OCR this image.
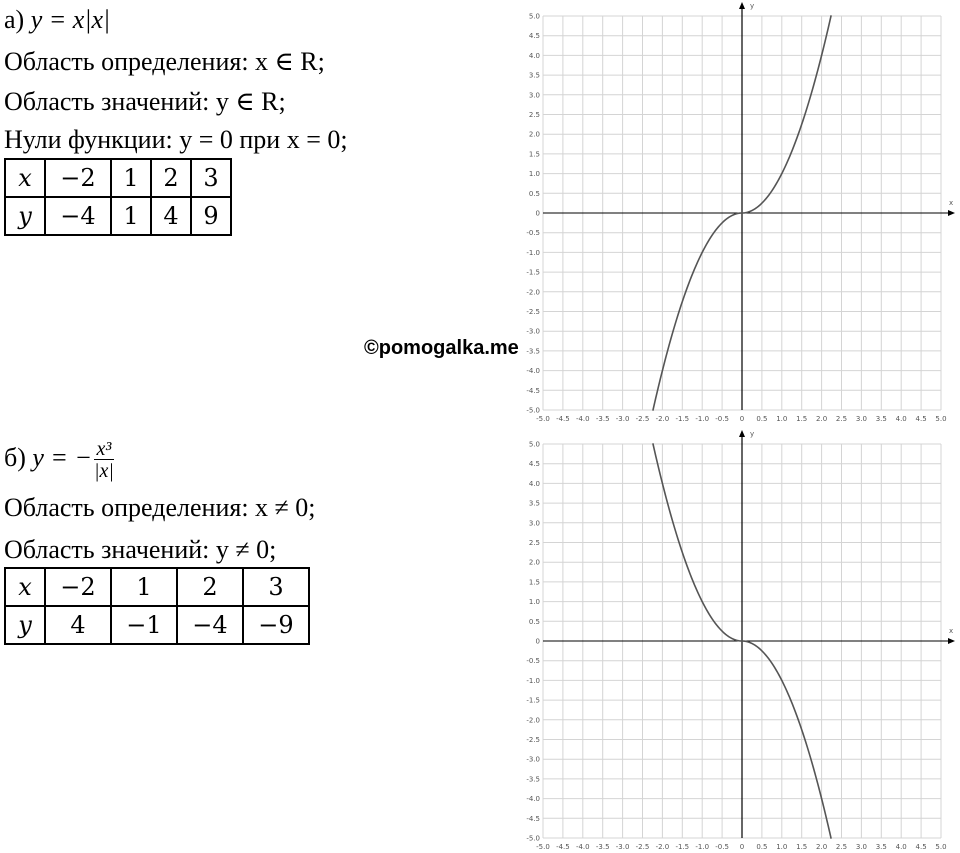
а) y = x|x|
Область определения: x ∈ R;
Область значений: y ∈ R;
Нули функции: y = 0 при x = 0;
x	−2	1	2	3
y	−4	1	4	9
©pomogalka.me
б) y = − $\frac{\text{x³}}{|x|}$
Область определения: x ≠ 0;
Область значений: y ≠ 0;
x	−2	1	2	3
y	4	−1	−4	−9
x
y
-5.0 -4.5 -4.0 -3.5 -3.0 -2.5 -2.0 -1.5 -1.0 -0.5 0 0.5 1.0 1.5 2.0 2.5 3.0 3.5 4.0 4.5 5.0
-5.0
-4.5
-4.0
-3.5
-3.0
-2.5
-2.0
-1.5
-1.0
-0.5
0
0.5
1.0
1.5
2.0
2.5
3.0
3.5
4.0
4.5
5.0
x
y
-5.0 -4.5 -4.0 -3.5 -3.0 -2.5 -2.0 -1.5 -1.0 -0.5 0 0.5 1.0 1.5 2.0 2.5 3.0 3.5 4.0 4.5 5.0
-5.0
-4.5
-4.0
-3.5
-3.0
-2.5
-2.0
-1.5
-1.0
-0.5
0
0.5
1.0
1.5
2.0
2.5
3.0
3.5
4.0
4.5
5.0
